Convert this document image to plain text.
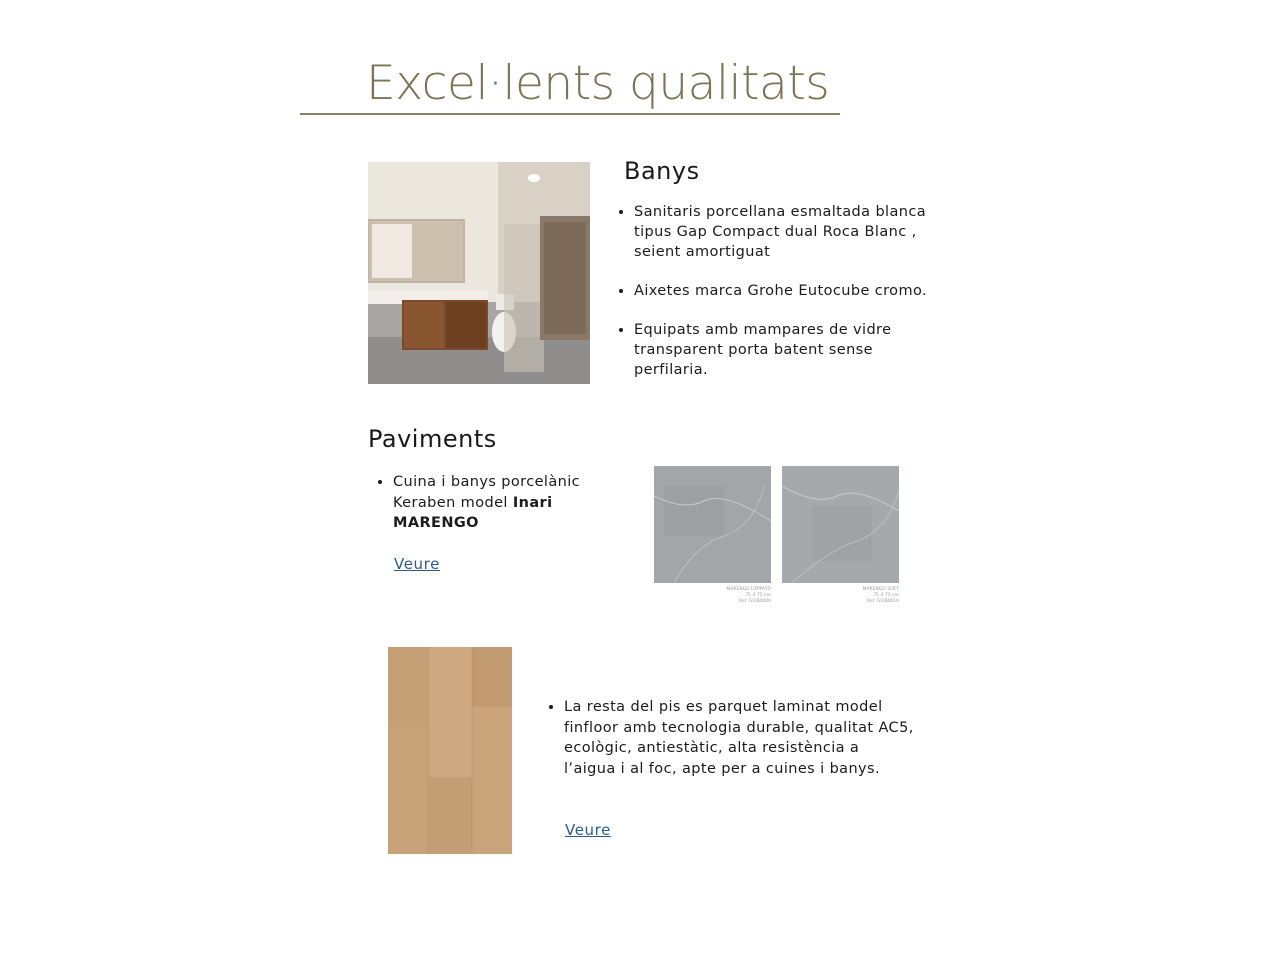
Excel·lents qualitats
Banys
• Sanitaris porcellana esmaltada blanca tipus Gap Compact dual Roca Blanc , seient amortiguat
• Aixetes marca Grohe Eutocube cromo.
• Equipats amb mampares de vidre transparent porta batent sense perfilaria.
Paviments
• Cuina i banys porcelànic Keraben model Inari MARENGO
Veure
MARENGO LAPPATO
75 X 75 cm
Ref. GI1B0000
MARENGO SOFT
75 X 75 cm
Ref. GI1B0010
• La resta del pis es parquet laminat model finfloor amb tecnologia durable, qualitat AC5, ecològic, antiestàtic, alta resistència a l’aigua i al foc, apte per a cuines i banys.
Veure
